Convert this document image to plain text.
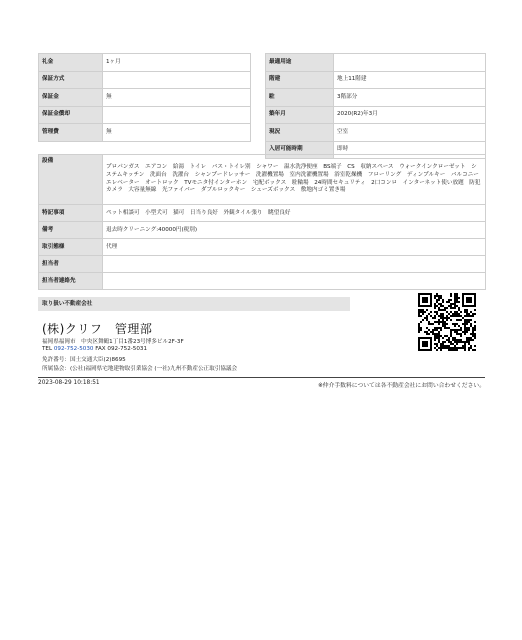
礼金	1ヶ月
保証方式	
保証金	無
保証金償却	
管理費	無
最適用途	
階建	地上11階建
駐	3階部分
築年月	2020(R2)年3月
現況	空室
入居可能時期	即時
設備	プロパンガス　エアコン　給湯　トイレ　バス・トイレ別　シャワー　温水洗浄便座　BS端子　CS　収納スペース　ウォークインクローゼット　システムキッチン　洗面台　洗濯台　シャンプードレッサー　洗濯機置場　室内洗濯機置場　浴室乾燥機　フローリング　ディンプルキー　バルコニー　エレベーター　オートロック　TVモニタ付インターホン　宅配ボックス　駐輪場　24時間セキュリティ　2口コンロ　インターネット使い放題　防犯カメラ　大容量無線　光ファイバー　ダブルロックキー　シューズボックス　敷地内ゴミ置き場
特記事項	ペット相談可　小型犬可　猫可　日当り良好　外観タイル張り　眺望良好
備考	退去時クリーニング:40000円(税別)
取引態様	代理
担当者	
担当者連絡先	
取り扱い不動産会社
(株)クリフ　管理部
福岡県福岡市　中央区舞鶴1丁目1番23号博多ビル2F-3F
TEL 092-752-5030 FAX 092-752-5031
免許番号：国土交通大臣(2)8695
所属協会：(公社)福岡県宅地建物取引業協会 (一社)九州不動産公正取引協議会
2023-08-29 10:18:51	※仲介手数料については各不動産会社にお問い合わせください。
